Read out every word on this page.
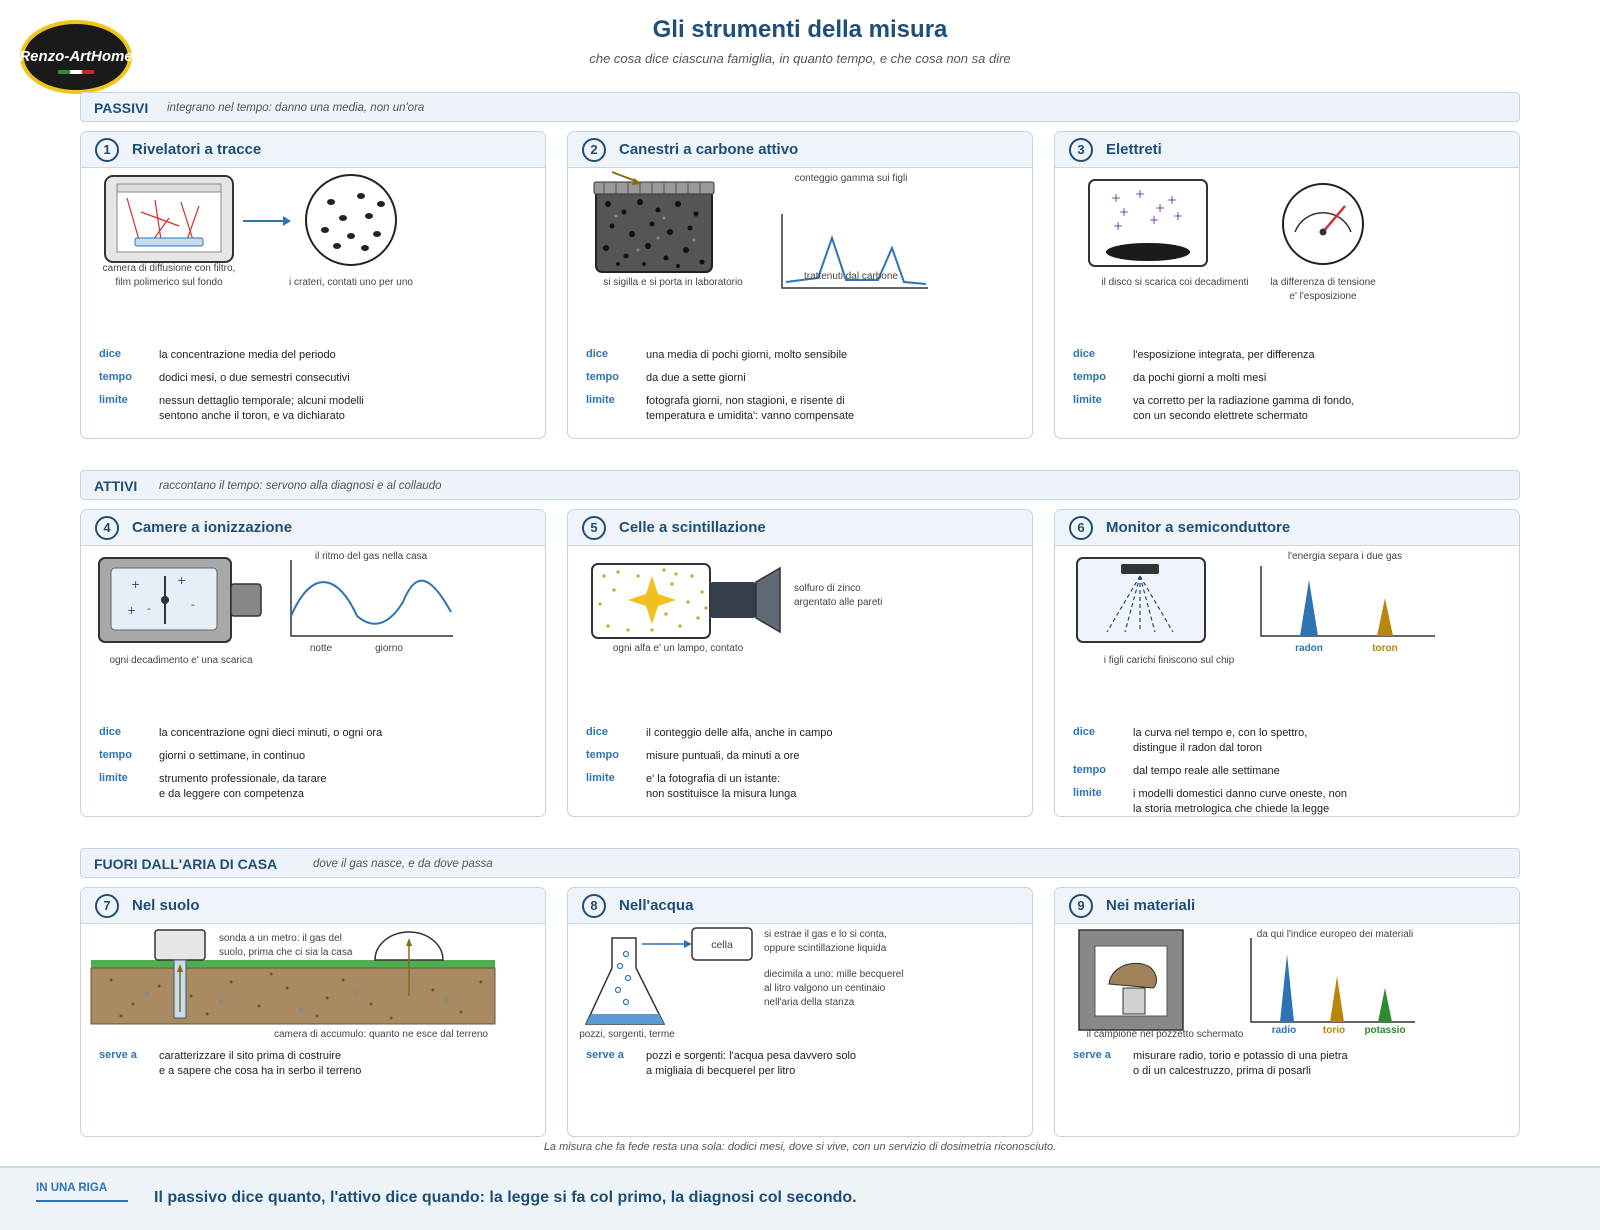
Renzo-ArtHome
Gli strumenti della misura
che cosa dice ciascuna famiglia, in quanto tempo, e che cosa non sa dire
PASSIVI integrano nel tempo: danno una media, non un'ora
ATTIVI raccontano il tempo: servono alla diagnosi e al collaudo
FUORI DALL'ARIA DI CASA	dove il gas nasce, e da dove passa
1	Rivelatori a tracce
camera di diffusione con filtro,
film polimerico sul fondo	i crateri, contati uno per uno
dice	la concentrazione media del periodo
tempo dodici mesi, o due semestri consecutivi
limite	nessun dettaglio temporale; alcuni modelli
sentono anche il toron, e va dichiarato
2	Canestri a carbone attivo
si sigilla e si porta in laboratorio
conteggio gamma sui figli
trattenuti dal carbone
dice	una media di pochi giorni, molto sensibile
tempo da due a sette giorni
limite	fotografa giorni, non stagioni, e risente di
temperatura e umidita': vanno compensate
3	Elettreti
+ + +
+
+ +
+
+
il disco si scarica coi decadimenti	la differenza di tensione
e' l'esposizione
dice	l'esposizione integrata, per differenza
tempo da pochi giorni a molti mesi
limite	va corretto per la radiazione gamma di fondo,
con un secondo elettrete schermato
4	Camere a ionizzazione
+	+
+ -	-
il ritmo del gas nella casa
notte	giorno
ogni decadimento e' una scarica
dice	la concentrazione ogni dieci minuti, o ogni ora
tempo giorni o settimane, in continuo
limite	strumento professionale, da tarare
e da leggere con competenza
5	Celle a scintillazione
solfuro di zinco
argentato alle pareti
ogni alfa e' un lampo, contato
dice	il conteggio delle alfa, anche in campo
tempo misure puntuali, da minuti a ore
limite	e' la fotografia di un istante:
non sostituisce la misura lunga
6	Monitor a semiconduttore
l'energia separa i due gas
i figli carichi finiscono sul chip
radon	toron
dice	la curva nel tempo e, con lo spettro,
distingue il radon dal toron
tempo dal tempo reale alle settimane
limite	i modelli domestici danno curve oneste, non
la storia metrologica che chiede la legge
7	Nel suolo
sonda a un metro: il gas del
suolo, prima che ci sia la casa
camera di accumulo: quanto ne esce dal terreno
serve a caratterizzare il sito prima di costruire
e a sapere che cosa ha in serbo il terreno
8	Nell'acqua
cella
si estrae il gas e lo si conta,
oppure scintillazione liquida
diecimila a uno: mille becquerel
al litro valgono un centinaio
nell'aria della stanza
pozzi, sorgenti, terme
serve a pozzi e sorgenti: l'acqua pesa davvero solo
a migliaia di becquerel per litro
9	Nei materiali
da qui l'indice europeo dei materiali
il campione nel pozzetto schermato	radio	torio	potassio
serve a misurare radio, torio e potassio di una pietra
o di un calcestruzzo, prima di posarli
La misura che fa fede resta una sola: dodici mesi, dove si vive, con un servizio di dosimetria riconosciuto.
IN UNA RIGA
Il passivo dice quanto, l'attivo dice quando: la legge si fa col primo, la diagnosi col secondo.
